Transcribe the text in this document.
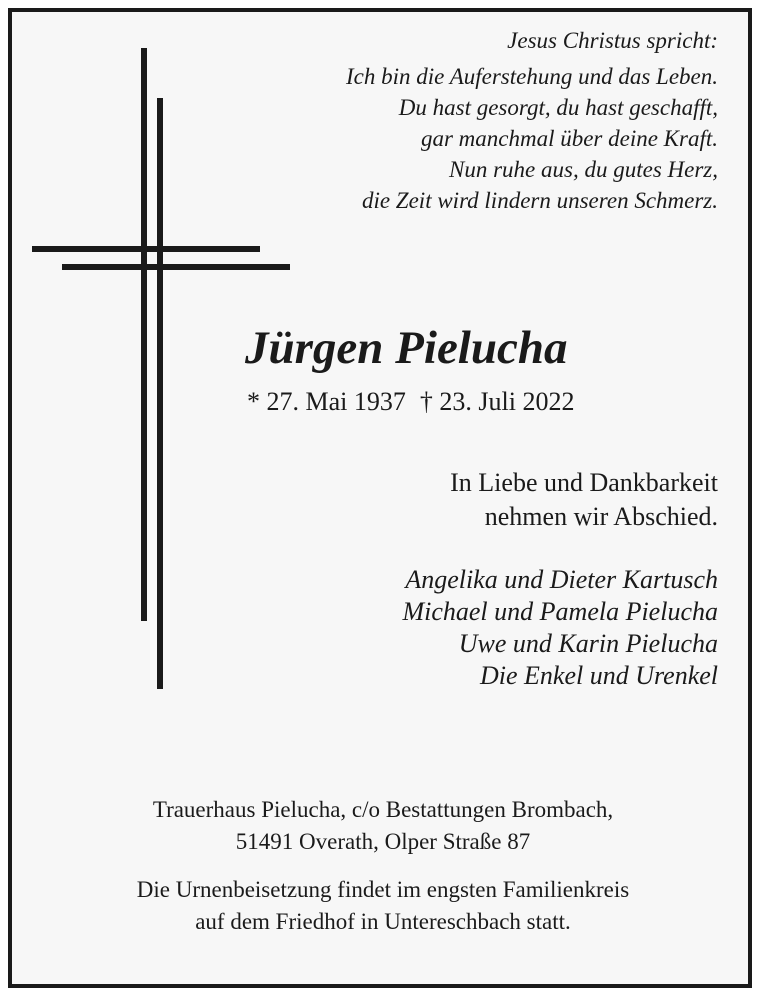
Jesus Christus spricht:
Ich bin die Auferstehung und das Leben.
Du hast gesorgt, du hast geschafft,
gar manchmal über deine Kraft.
Nun ruhe aus, du gutes Herz,
die Zeit wird lindern unseren Schmerz.
Jürgen Pielucha
* 27. Mai 1937 † 23. Juli 2022
In Liebe und Dankbarkeit
nehmen wir Abschied.
Angelika und Dieter Kartusch
Michael und Pamela Pielucha
Uwe und Karin Pielucha
Die Enkel und Urenkel
Trauerhaus Pielucha, c/o Bestattungen Brombach,
51491 Overath, Olper Straße 87
Die Urnenbeisetzung findet im engsten Familienkreis
auf dem Friedhof in Untereschbach statt.
